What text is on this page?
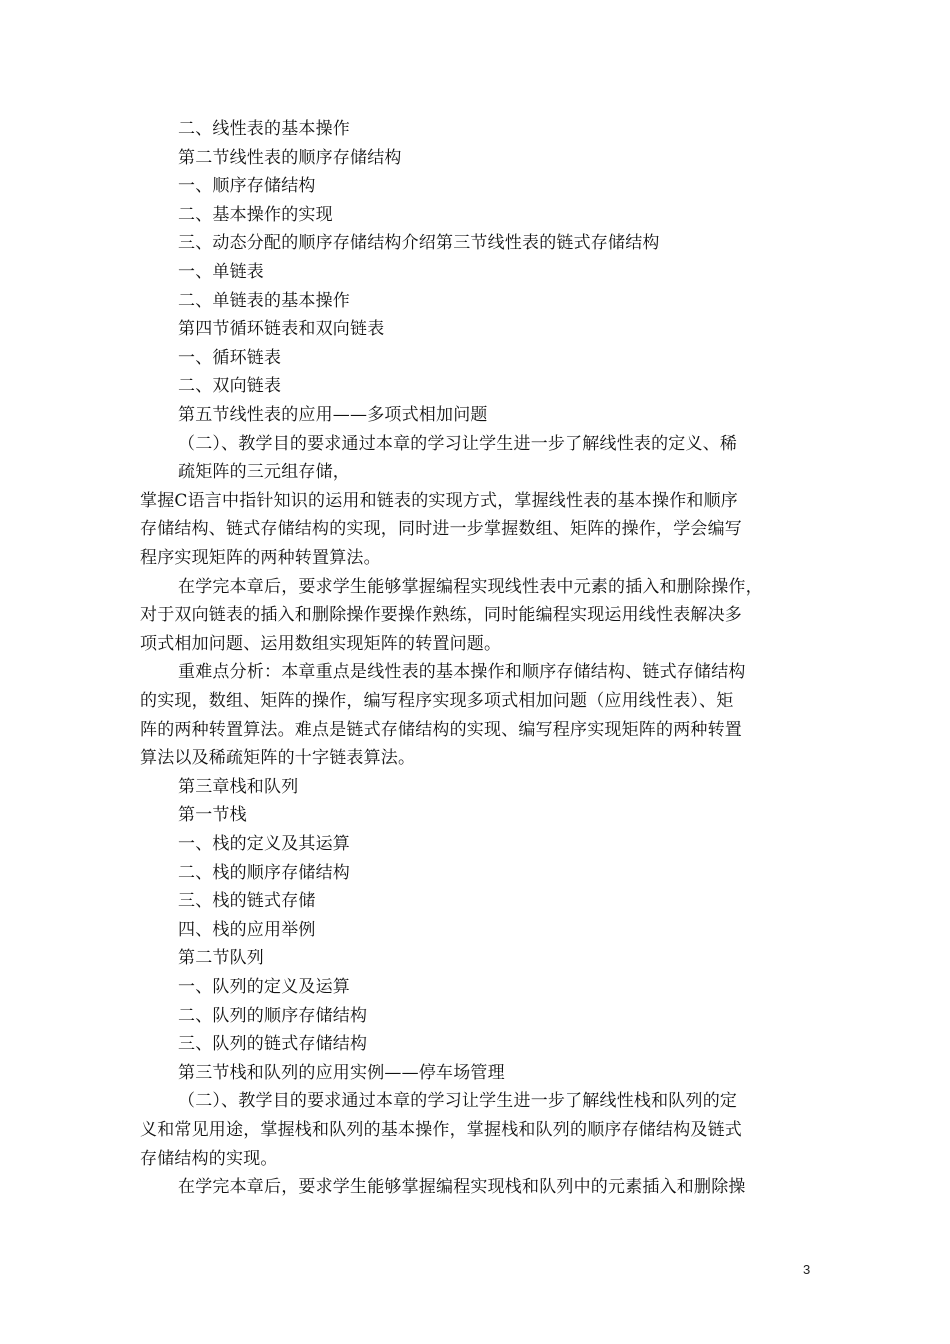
二、线性表的基本操作
第二节线性表的顺序存储结构
一、顺序存储结构
二、基本操作的实现
三、动态分配的顺序存储结构介绍第三节线性表的链式存储结构
一、单链表
二、单链表的基本操作
第四节循环链表和双向链表
一、循环链表
二、双向链表
第五节线性表的应用——多项式相加问题
（二）、教学目的要求通过本章的学习让学生进一步了解线性表的定义、稀
疏矩阵的三元组存储，
掌握C语言中指针知识的运用和链表的实现方式，掌握线性表的基本操作和顺序
存储结构、链式存储结构的实现，同时进一步掌握数组、矩阵的操作，学会编写
程序实现矩阵的两种转置算法。
在学完本章后，要求学生能够掌握编程实现线性表中元素的插入和删除操作，
对于双向链表的插入和删除操作要操作熟练，同时能编程实现运用线性表解决多
项式相加问题、运用数组实现矩阵的转置问题。
重难点分析：本章重点是线性表的基本操作和顺序存储结构、链式存储结构
的实现，数组、矩阵的操作，编写程序实现多项式相加问题（应用线性表）、矩
阵的两种转置算法。难点是链式存储结构的实现、编写程序实现矩阵的两种转置
算法以及稀疏矩阵的十字链表算法。
第三章栈和队列
第一节栈
一、栈的定义及其运算
二、栈的顺序存储结构
三、栈的链式存储
四、栈的应用举例
第二节队列
一、队列的定义及运算
二、队列的顺序存储结构
三、队列的链式存储结构
第三节栈和队列的应用实例——停车场管理
（二）、教学目的要求通过本章的学习让学生进一步了解线性栈和队列的定
义和常见用途，掌握栈和队列的基本操作，掌握栈和队列的顺序存储结构及链式
存储结构的实现。
在学完本章后，要求学生能够掌握编程实现栈和队列中的元素插入和删除操
3
